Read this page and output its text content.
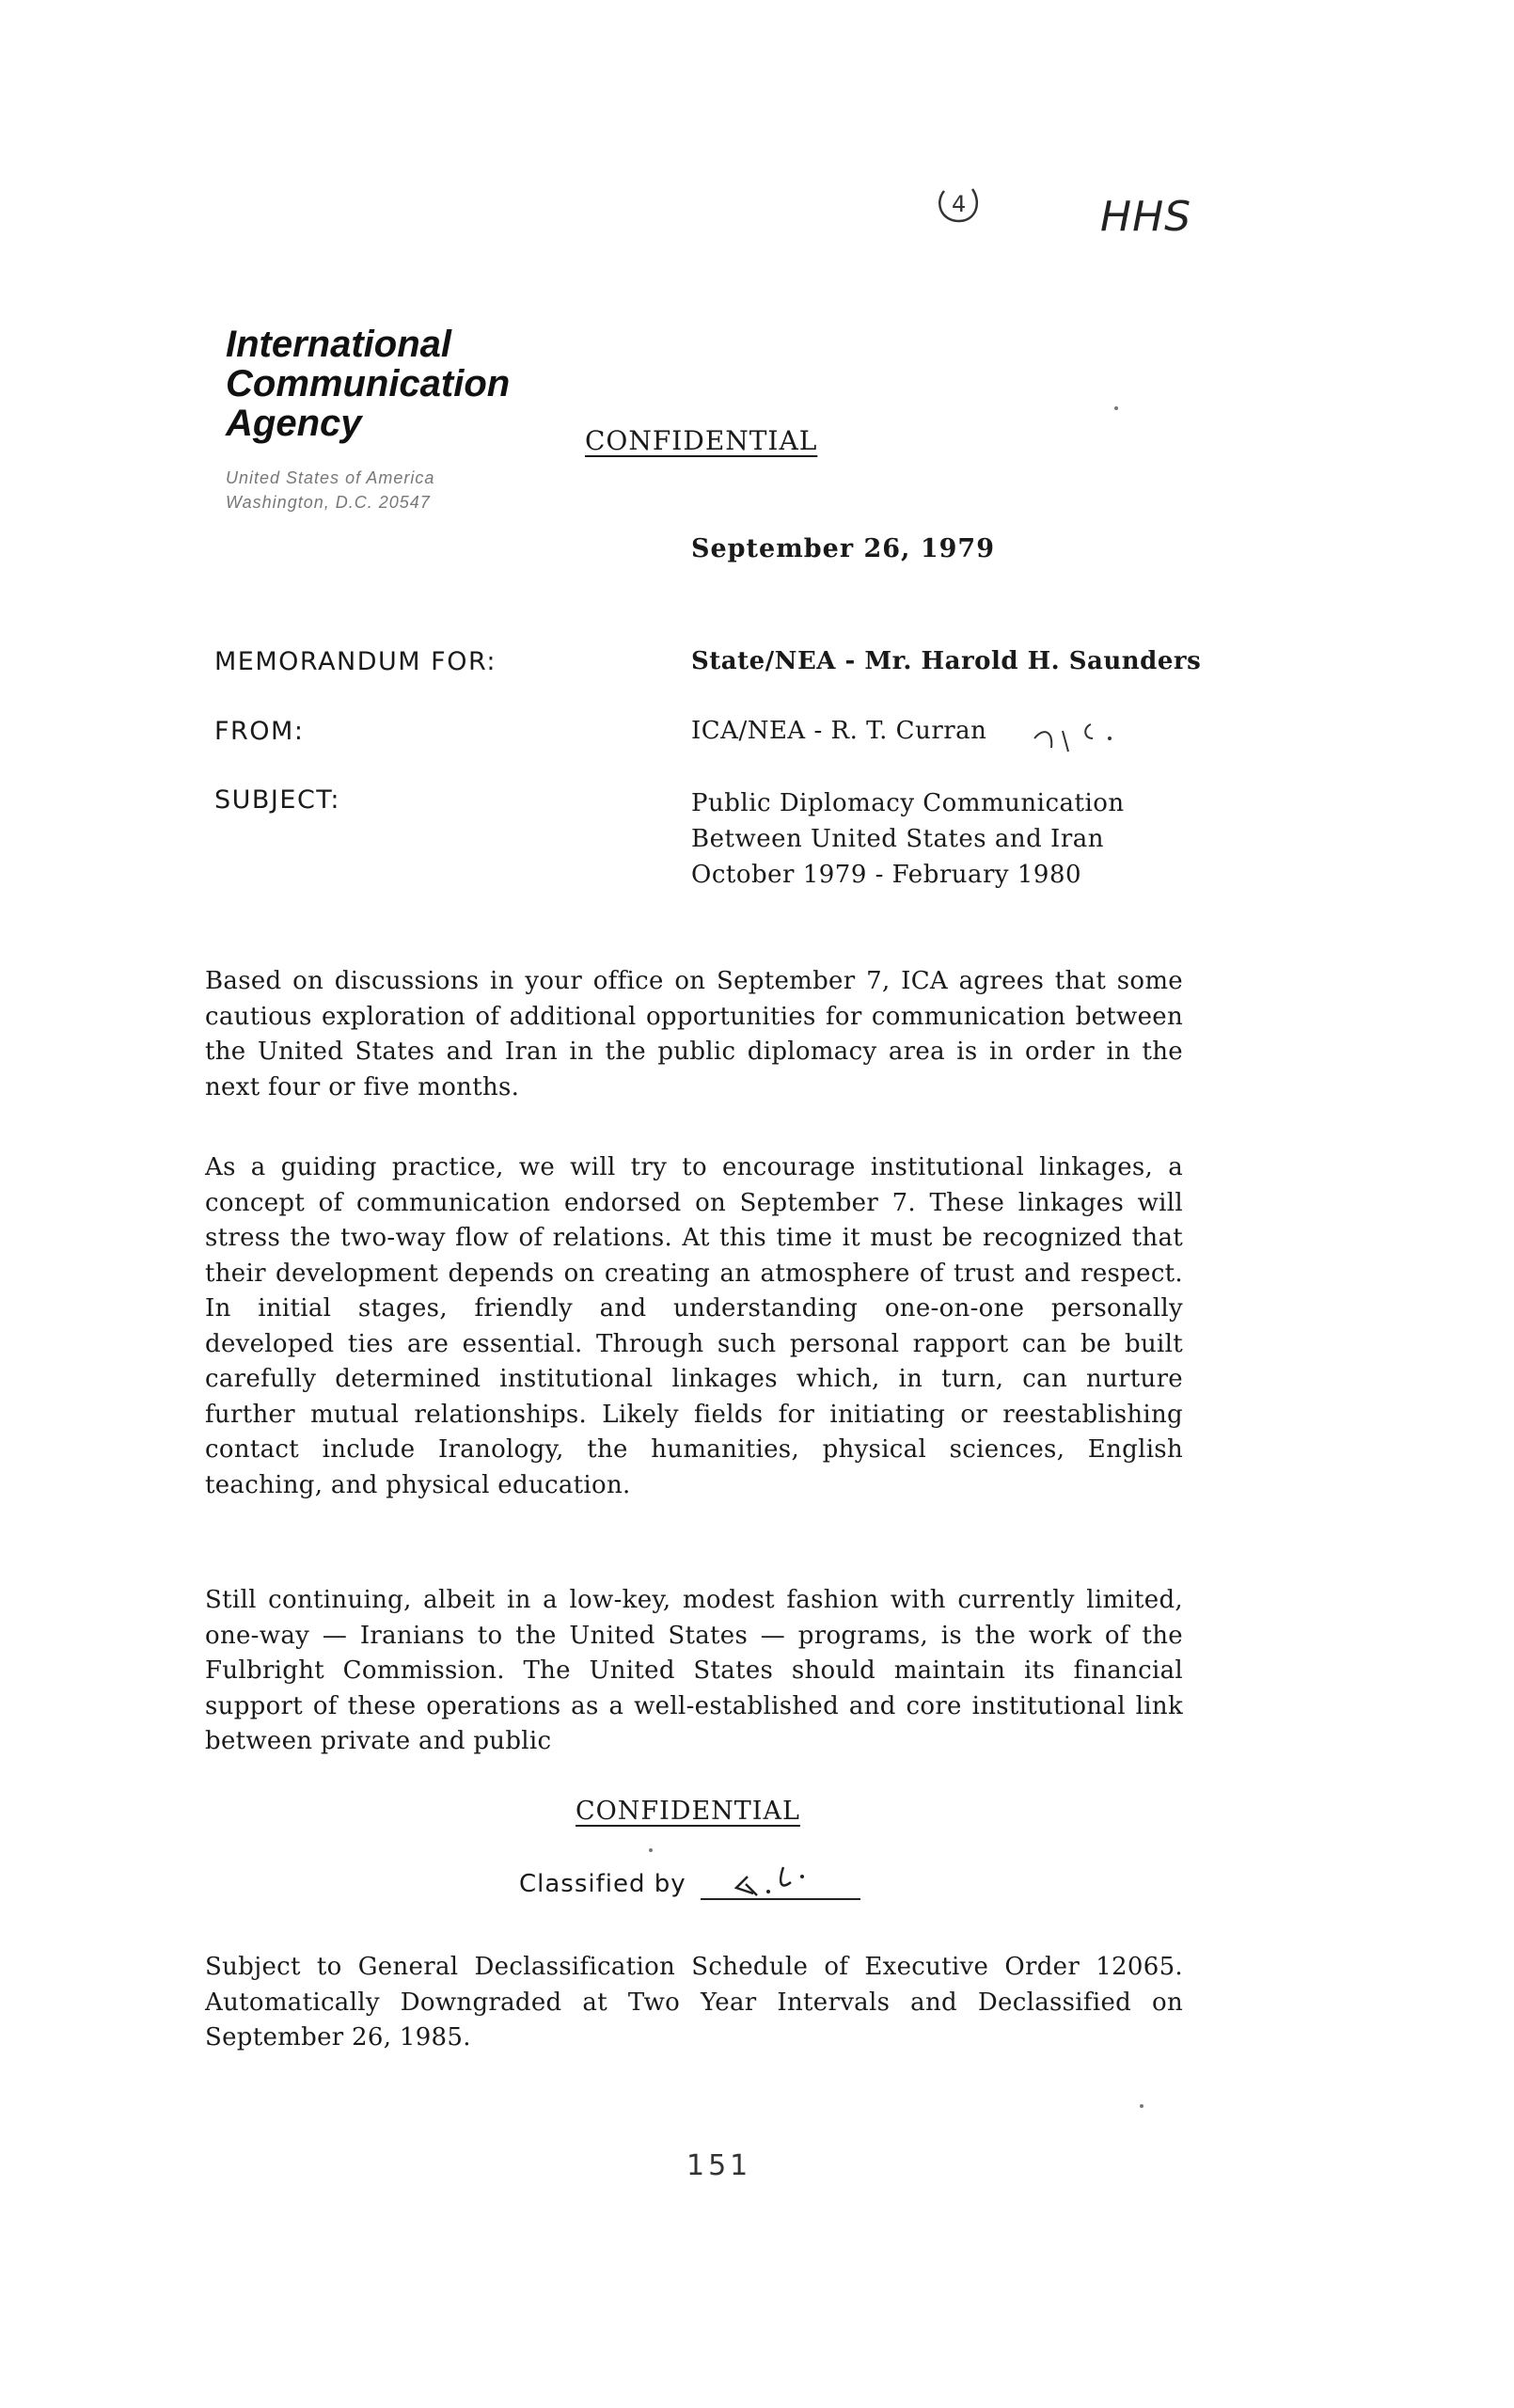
4	HHS
International
Communication
Agency
United States of America
Washington, D.C. 20547
CONFIDENTIAL
September 26, 1979
MEMORANDUM FOR:	State/NEA - Mr. Harold H. Saunders
FROM:	ICA/NEA - R. T. Curran
SUBJECT:	Public Diplomacy Communication
Between United States and Iran
October 1979 - February 1980
Based on discussions in your office on September 7, ICA agrees that some cautious exploration of additional opportunities for communication between the United States and Iran in the public diplomacy area is in order in the next four or five months.
As a guiding practice, we will try to encourage institutional linkages, a concept of communication endorsed on September 7. These linkages will stress the two-way flow of relations. At this time it must be recognized that their development depends on creating an atmosphere of trust and respect. In initial stages, friendly and understanding one-on-one personally developed ties are essential. Through such personal rapport can be built carefully determined institutional linkages which, in turn, can nurture further mutual relationships. Likely fields for initiating or reestablishing contact include Iranology, the humanities, physical sciences, English teaching, and physical education.
Still continuing, albeit in a low-key, modest fashion with currently limited, one-way — Iranians to the United States — programs, is the work of the Fulbright Commission. The United States should maintain its financial support of these operations as a well-established and core institutional link between private and public
CONFIDENTIAL
Classified by
Subject to General Declassification Schedule of Executive Order 12065. Automatically Downgraded at Two Year Intervals and Declassified on September 26, 1985.
151
